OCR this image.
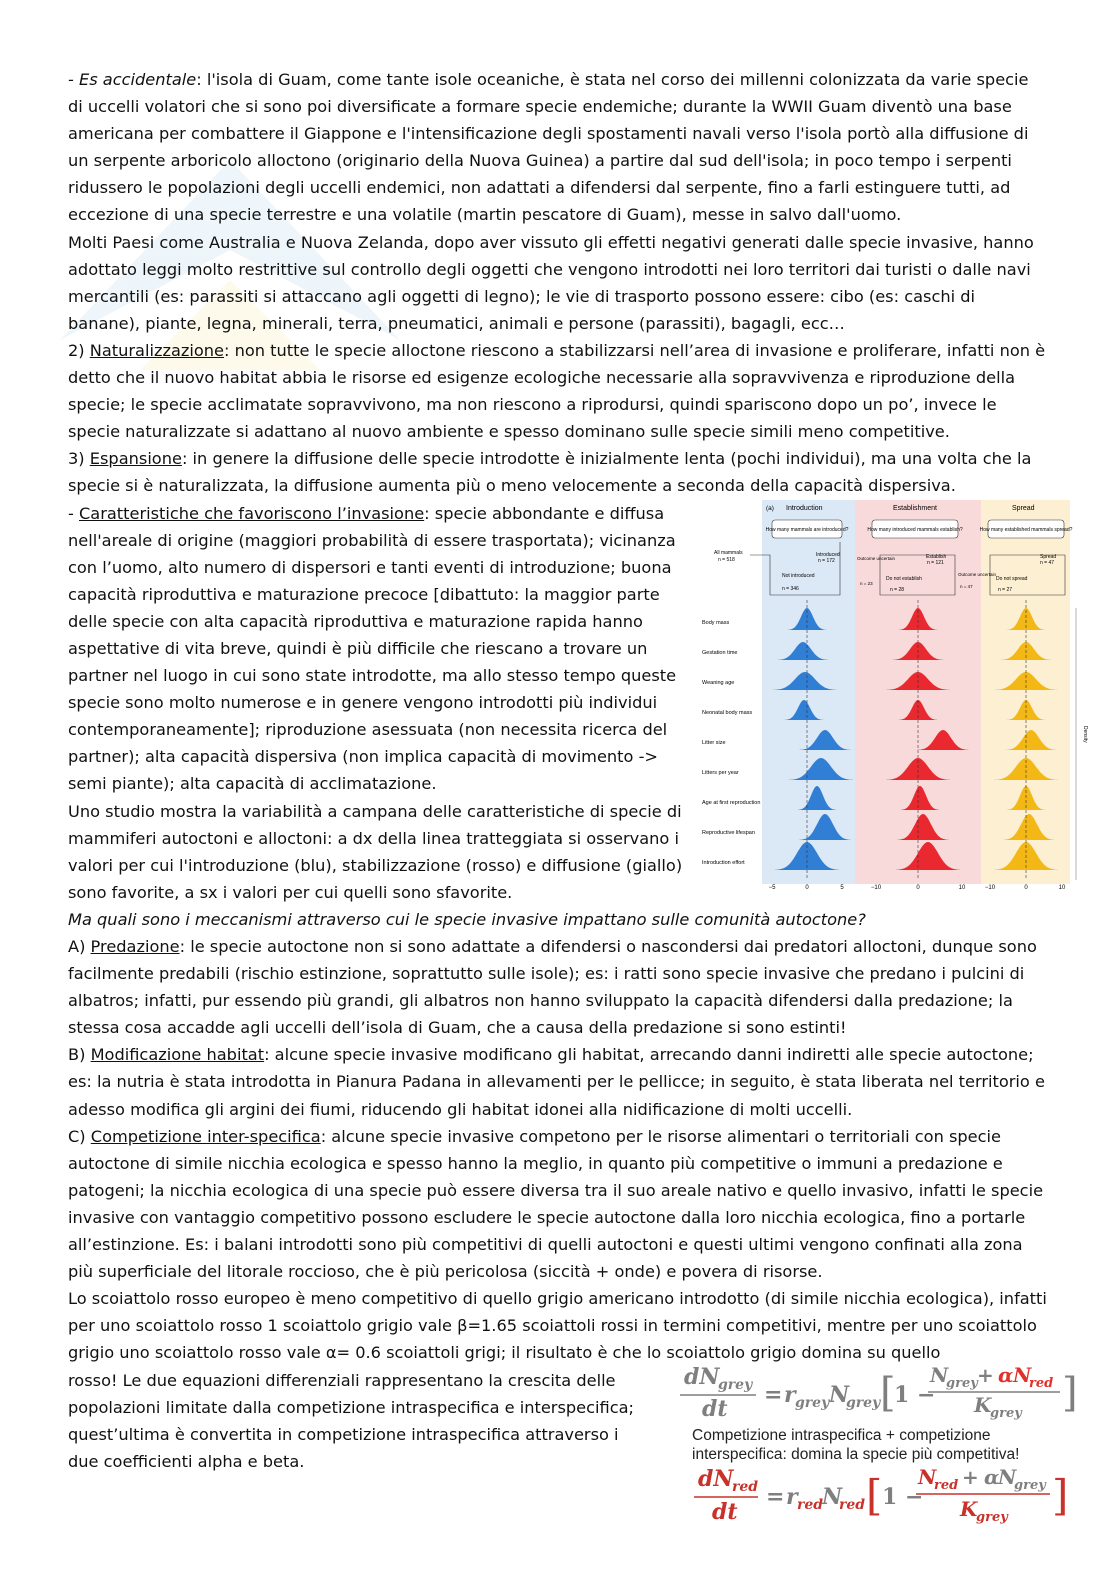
- Es accidentale: l'isola di Guam, come tante isole oceaniche, è stata nel corso dei millenni colonizzata da varie specie di uccelli volatori che si sono poi diversificate a formare specie endemiche; durante la WWII Guam diventò una base americana per combattere il Giappone e l'intensificazione degli spostamenti navali verso l'isola portò alla diffusione di un serpente arboricolo alloctono (originario della Nuova Guinea) a partire dal sud dell'isola; in poco tempo i serpenti ridussero le popolazioni degli uccelli endemici, non adattati a difendersi dal serpente, fino a farli estinguere tutti, ad eccezione di una specie terrestre e una volatile (martin pescatore di Guam), messe in salvo dall'uomo.

Molti Paesi come Australia e Nuova Zelanda, dopo aver vissuto gli effetti negativi generati dalle specie invasive, hanno adottato leggi molto restrittive sul controllo degli oggetti che vengono introdotti nei loro territori dai turisti o dalle navi mercantili (es: parassiti si attaccano agli oggetti di legno); le vie di trasporto possono essere: cibo (es: caschi di banane), piante, legna, minerali, terra, pneumatici, animali e persone (parassiti), bagagli, ecc…

2) Naturalizzazione: non tutte le specie alloctone riescono a stabilizzarsi nell’area di invasione e proliferare, infatti non è detto che il nuovo habitat abbia le risorse ed esigenze ecologiche necessarie alla sopravvivenza e riproduzione della specie; le specie acclimatate sopravvivono, ma non riescono a riprodursi, quindi spariscono dopo un po’, invece le specie naturalizzate si adattano al nuovo ambiente e spesso dominano sulle specie simili meno competitive.

3) Espansione: in genere la diffusione delle specie introdotte è inizialmente lenta (pochi individui), ma una volta che la specie si è naturalizzata, la diffusione aumenta più o meno velocemente a seconda della capacità dispersiva.

- Caratteristiche che favoriscono l’invasione: specie abbondante e diffusa nell'areale di origine (maggiori probabilità di essere trasportata); vicinanza con l’uomo, alto numero di dispersori e tanti eventi di introduzione; buona capacità riproduttiva e maturazione precoce [dibattuto: la maggior parte delle specie con alta capacità riproduttiva e maturazione rapida hanno aspettative di vita breve, quindi è più difficile che riescano a trovare un partner nel luogo in cui sono state introdotte, ma allo stesso tempo queste specie sono molto numerose e in genere vengono introdotti più individui contemporaneamente]; riproduzione asessuata (non necessita ricerca del partner); alta capacità dispersiva (non implica capacità di movimento -> semi piante); alta capacità di acclimatazione.

Uno studio mostra la variabilità a campana delle caratteristiche di specie di mammiferi autoctoni e alloctoni: a dx della linea tratteggiata si osservano i valori per cui l'introduzione (blu), stabilizzazione (rosso) e diffusione (giallo) sono favorite, a sx i valori per cui quelli sono sfavorite.

Ma quali sono i meccanismi attraverso cui le specie invasive impattano sulle comunità autoctone?

A) Predazione: le specie autoctone non si sono adattate a difendersi o nascondersi dai predatori alloctoni, dunque sono facilmente predabili (rischio estinzione, soprattutto sulle isole); es: i ratti sono specie invasive che predano i pulcini di albatros; infatti, pur essendo più grandi, gli albatros non hanno sviluppato la capacità difendersi dalla predazione; la stessa cosa accadde agli uccelli dell’isola di Guam, che a causa della predazione si sono estinti!

B) Modificazione habitat: alcune specie invasive modificano gli habitat, arrecando danni indiretti alle specie autoctone; es: la nutria è stata introdotta in Pianura Padana in allevamenti per le pellicce; in seguito, è stata liberata nel territorio e adesso modifica gli argini dei fiumi, riducendo gli habitat idonei alla nidificazione di molti uccelli.

C) Competizione inter-specifica: alcune specie invasive competono per le risorse alimentari o territoriali con specie autoctone di simile nicchia ecologica e spesso hanno la meglio, in quanto più competitive o immuni a predazione e patogeni; la nicchia ecologica di una specie può essere diversa tra il suo areale nativo e quello invasivo, infatti le specie invasive con vantaggio competitivo possono escludere le specie autoctone dalla loro nicchia ecologica, fino a portarle all’estinzione. Es: i balani introdotti sono più competitivi di quelli autoctoni e questi ultimi vengono confinati alla zona più superficiale del litorale roccioso, che è più pericolosa (siccità + onde) e povera di risorse.

Lo scoiattolo rosso europeo è meno competitivo di quello grigio americano introdotto (di simile nicchia ecologica), infatti per uno scoiattolo rosso 1 scoiattolo grigio vale β=1.65 scoiattoli rossi in termini competitivi, mentre per uno scoiattolo grigio uno scoiattolo rosso vale α= 0.6 scoiattoli grigi; il risultato è che lo scoiattolo grigio domina su quello

rosso! Le due equazioni differenziali rappresentano la crescita delle popolazioni limitate dalla competizione intraspecifica e interspecifica; quest’ultima è convertita in competizione intraspecifica attraverso i due coefficienti alpha e beta.

(a) Introduction	Establishment	Spread
How many mammals are introduced?	How many introduced mammals establish?	How many established mammals spread?
All mammals
n = 518
Introduced
n = 172
Not introduced
n = 346
Outcome uncertain
n = 23
Establish
n = 121
Do not establish
n = 28
Outcome uncertain
n = 47
Spread
n = 47
Do not spread
n = 27
Body mass
Gestation time
Weaning age
Neonatal body mass
Litter size
Litters per year
Age at first reproduction
Reproductive lifespan
Introduction effort
−5	0	5	−10	0	10	−10	0	10
Density
dN
grey
dt
= r grey N
grey [
1 −
N
grey + α N
red
K
grey ]
Competizione intraspecifica + competizione
interspecifica: domina la specie più competitiva!
dN
red
dt
= r red
N
red [ 1 −
N
red + α
N
grey
K
grey ]
